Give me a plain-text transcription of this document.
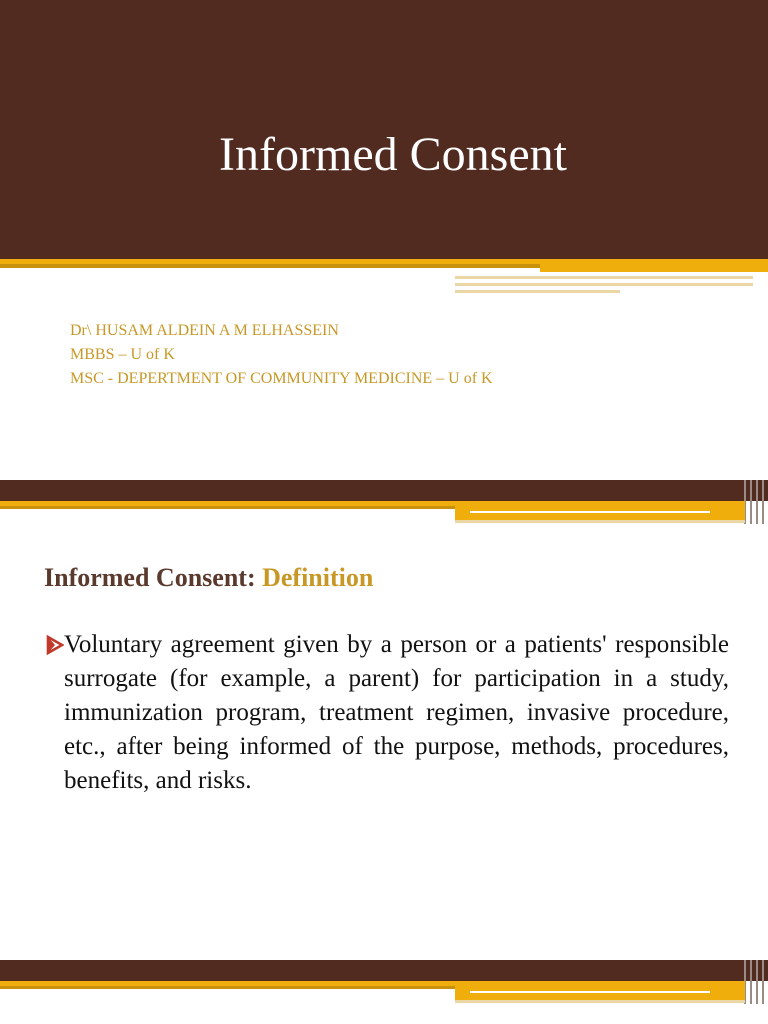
Informed Consent
Dr\ HUSAM ALDEIN A M ELHASSEIN
MBBS – U of K
MSC - DEPERTMENT OF COMMUNITY MEDICINE – U of K
Informed Consent: Definition
Voluntary agreement given by a person or a patients' responsible surrogate (for example, a parent) for participation in a study, immunization program, treatment regimen, invasive procedure, etc., after being informed of the purpose, methods, procedures, benefits, and risks.
